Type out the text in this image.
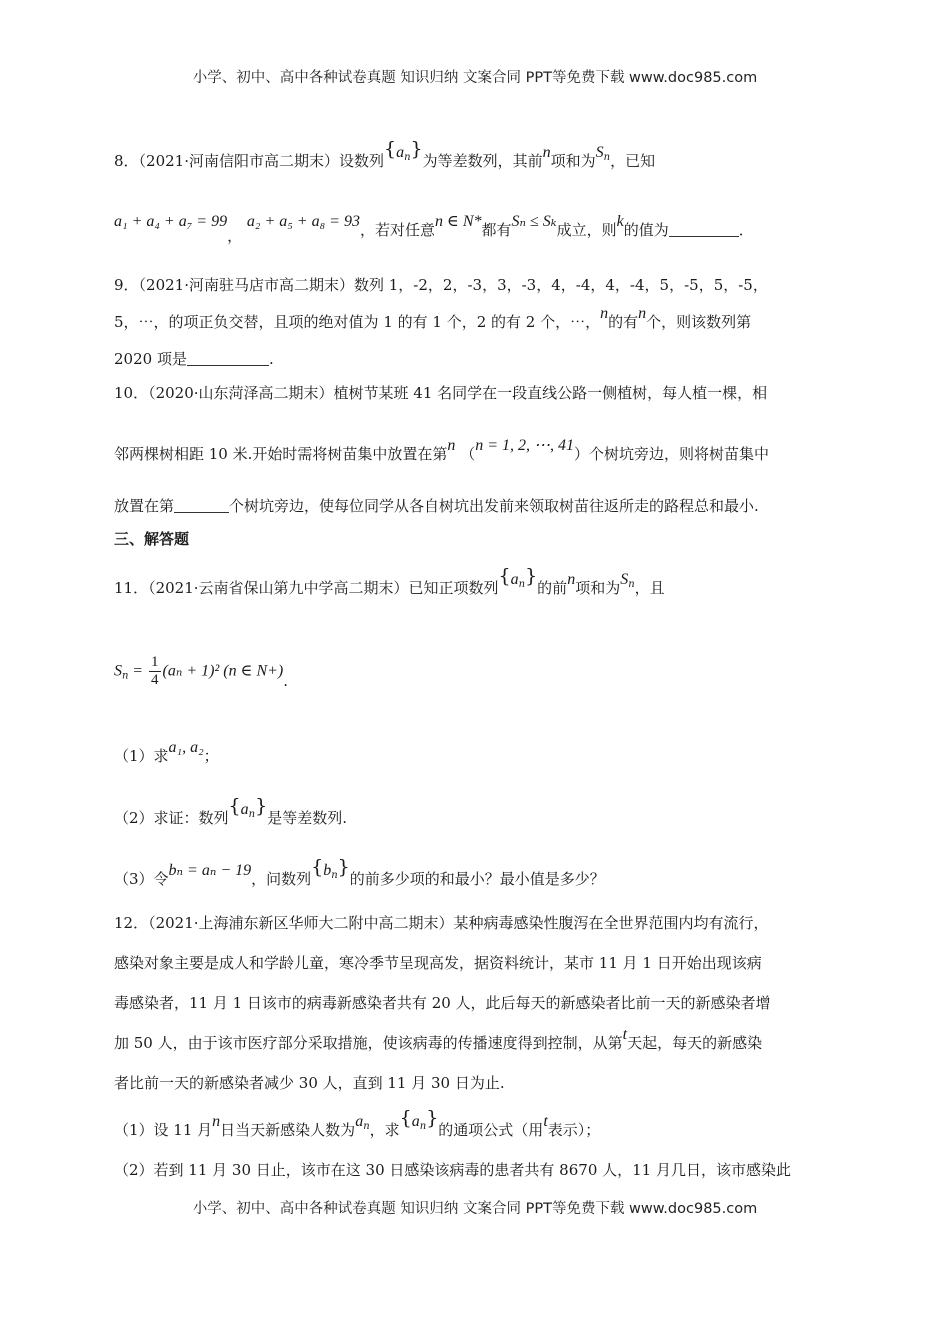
小学、初中、高中各种试卷真题 知识归纳 文案合同 PPT等免费下载 www.doc985.com
8．（2021·河南信阳市高二期末）设数列$\{a_n\}$为等差数列，其前n项和为$S_n$，已知
a₁ + a₄ + a₇ = 99， a₂ + a₅ + a₈ = 93，若对任意n ∈ N*都有Sₙ ≤ Sₖ成立，则k的值为	．
9．（2021·河南驻马店市高二期末）数列 1，-2，2，-3，3，-3，4，-4，4，-4，5，-5，5，-5，
5，⋯，的项正负交替，且项的绝对值为 1 的有 1 个，2 的有 2 个，⋯，n的有n个，则该数列第
2020 项是	.
10．（2020·山东菏泽高二期末）植树节某班 41 名同学在一段直线公路一侧植树，每人植一棵，相
邻两棵树相距 10 米.开始时需将树苗集中放置在第n （n = 1, 2, ⋯, 41）个树坑旁边，则将树苗集中
放置在第	个树坑旁边，使每位同学从各自树坑出发前来领取树苗往返所走的路程总和最小.
三、解答题
11．（2021·云南省保山第九中学高二期末）已知正项数列$\{a_n\}$的前n项和为$S_n$，且
$S_n = \frac{1}{4} (a_n + 1)^2$ (n ∈ N+).
（1）求a₁, a₂；
（2）求证：数列$\{a_n\}$是等差数列.
（3）令bₙ = aₙ − 19，问数列$\{b_n\}$的前多少项的和最小？最小值是多少？
12．（2021·上海浦东新区华师大二附中高二期末）某种病毒感染性腹泻在全世界范围内均有流行，
感染对象主要是成人和学龄儿童，寒冷季节呈现高发，据资料统计，某市 11 月 1 日开始出现该病
毒感染者，11 月 1 日该市的病毒新感染者共有 20 人，此后每天的新感染者比前一天的新感染者增
加 50 人，由于该市医疗部分采取措施，使该病毒的传播速度得到控制，从第t天起，每天的新感染
者比前一天的新感染者减少 30 人，直到 11 月 30 日为止.
（1）设 11 月n日当天新感染人数为$a_n$，求$\{a_n\}$的通项公式（用t表示）；
（2）若到 11 月 30 日止，该市在这 30 日感染该病毒的患者共有 8670 人，11 月几日，该市感染此
小学、初中、高中各种试卷真题 知识归纳 文案合同 PPT等免费下载 www.doc985.com
